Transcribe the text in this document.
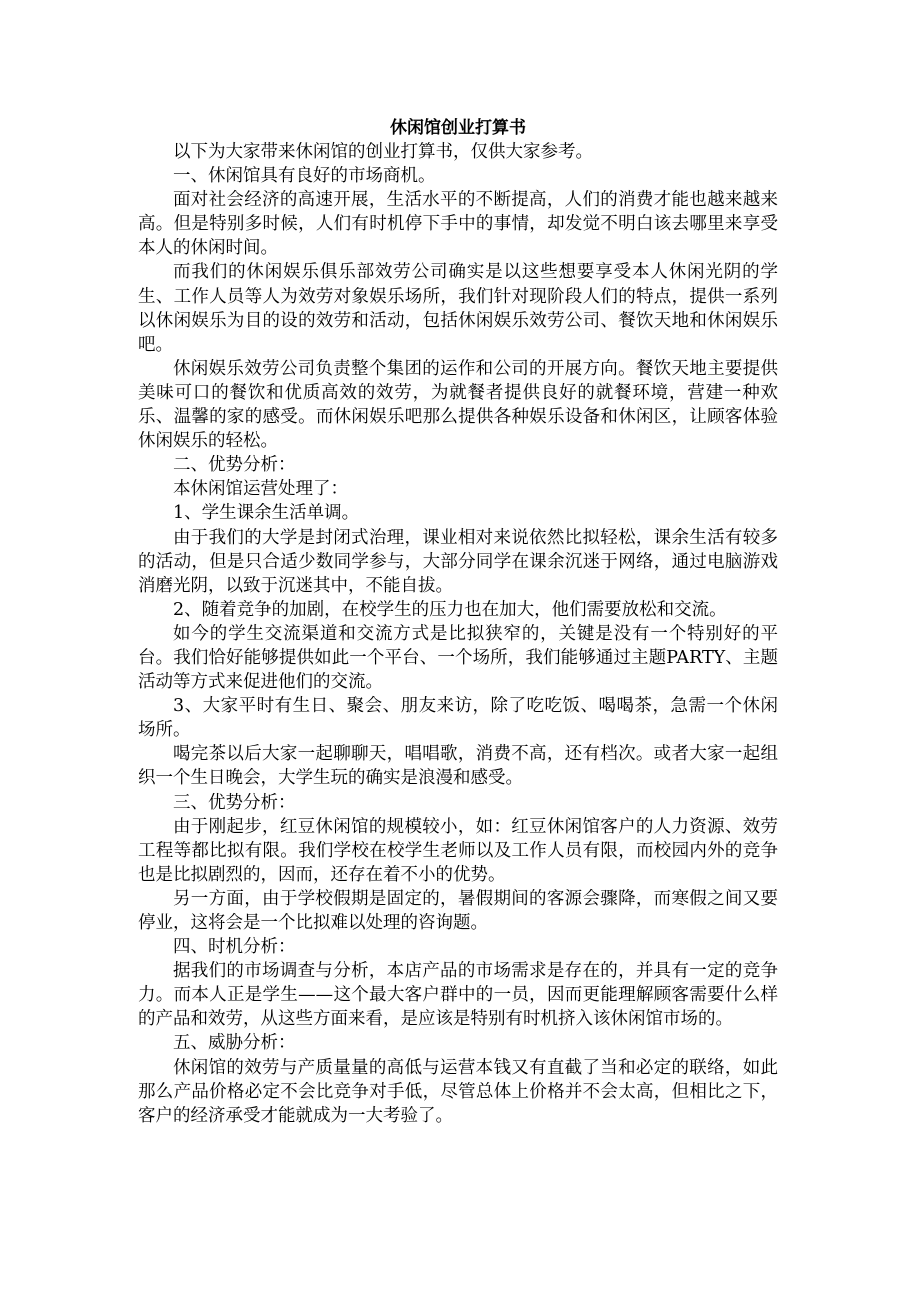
休闲馆创业打算书

以下为大家带来休闲馆的创业打算书，仅供大家参考。

一、休闲馆具有良好的市场商机。

面对社会经济的高速开展，生活水平的不断提高，人们的消费才能也越来越来高。但是特别多时候，人们有时机停下手中的事情，却发觉不明白该去哪里来享受本人的休闲时间。

而我们的休闲娱乐俱乐部效劳公司确实是以这些想要享受本人休闲光阴的学生、工作人员等人为效劳对象娱乐场所，我们针对现阶段人们的特点，提供一系列以休闲娱乐为目的设的效劳和活动，包括休闲娱乐效劳公司、餐饮天地和休闲娱乐吧。

休闲娱乐效劳公司负责整个集团的运作和公司的开展方向。餐饮天地主要提供美味可口的餐饮和优质高效的效劳，为就餐者提供良好的就餐环境，营建一种欢乐、温馨的家的感受。而休闲娱乐吧那么提供各种娱乐设备和休闲区，让顾客体验休闲娱乐的轻松。

二、优势分析：

本休闲馆运营处理了：

1、学生课余生活单调。

由于我们的大学是封闭式治理，课业相对来说依然比拟轻松，课余生活有较多的活动，但是只合适少数同学参与，大部分同学在课余沉迷于网络，通过电脑游戏消磨光阴，以致于沉迷其中，不能自拔。

2、随着竞争的加剧，在校学生的压力也在加大，他们需要放松和交流。

如今的学生交流渠道和交流方式是比拟狭窄的，关键是没有一个特别好的平台。我们恰好能够提供如此一个平台、一个场所，我们能够通过主题PARTY、主题活动等方式来促进他们的交流。

3、大家平时有生日、聚会、朋友来访，除了吃吃饭、喝喝茶，急需一个休闲场所。

喝完茶以后大家一起聊聊天，唱唱歌，消费不高，还有档次。或者大家一起组织一个生日晚会，大学生玩的确实是浪漫和感受。

三、优势分析：

由于刚起步，红豆休闲馆的规模较小，如：红豆休闲馆客户的人力资源、效劳工程等都比拟有限。我们学校在校学生老师以及工作人员有限，而校园内外的竞争也是比拟剧烈的，因而，还存在着不小的优势。

另一方面，由于学校假期是固定的，暑假期间的客源会骤降，而寒假之间又要停业，这将会是一个比拟难以处理的咨询题。

四、时机分析：

据我们的市场调查与分析，本店产品的市场需求是存在的，并具有一定的竞争力。而本人正是学生——这个最大客户群中的一员，因而更能理解顾客需要什么样的产品和效劳，从这些方面来看，是应该是特别有时机挤入该休闲馆市场的。

五、威胁分析：

休闲馆的效劳与产质量量的高低与运营本钱又有直截了当和必定的联络，如此那么产品价格必定不会比竞争对手低，尽管总体上价格并不会太高，但相比之下，客户的经济承受才能就成为一大考验了。
